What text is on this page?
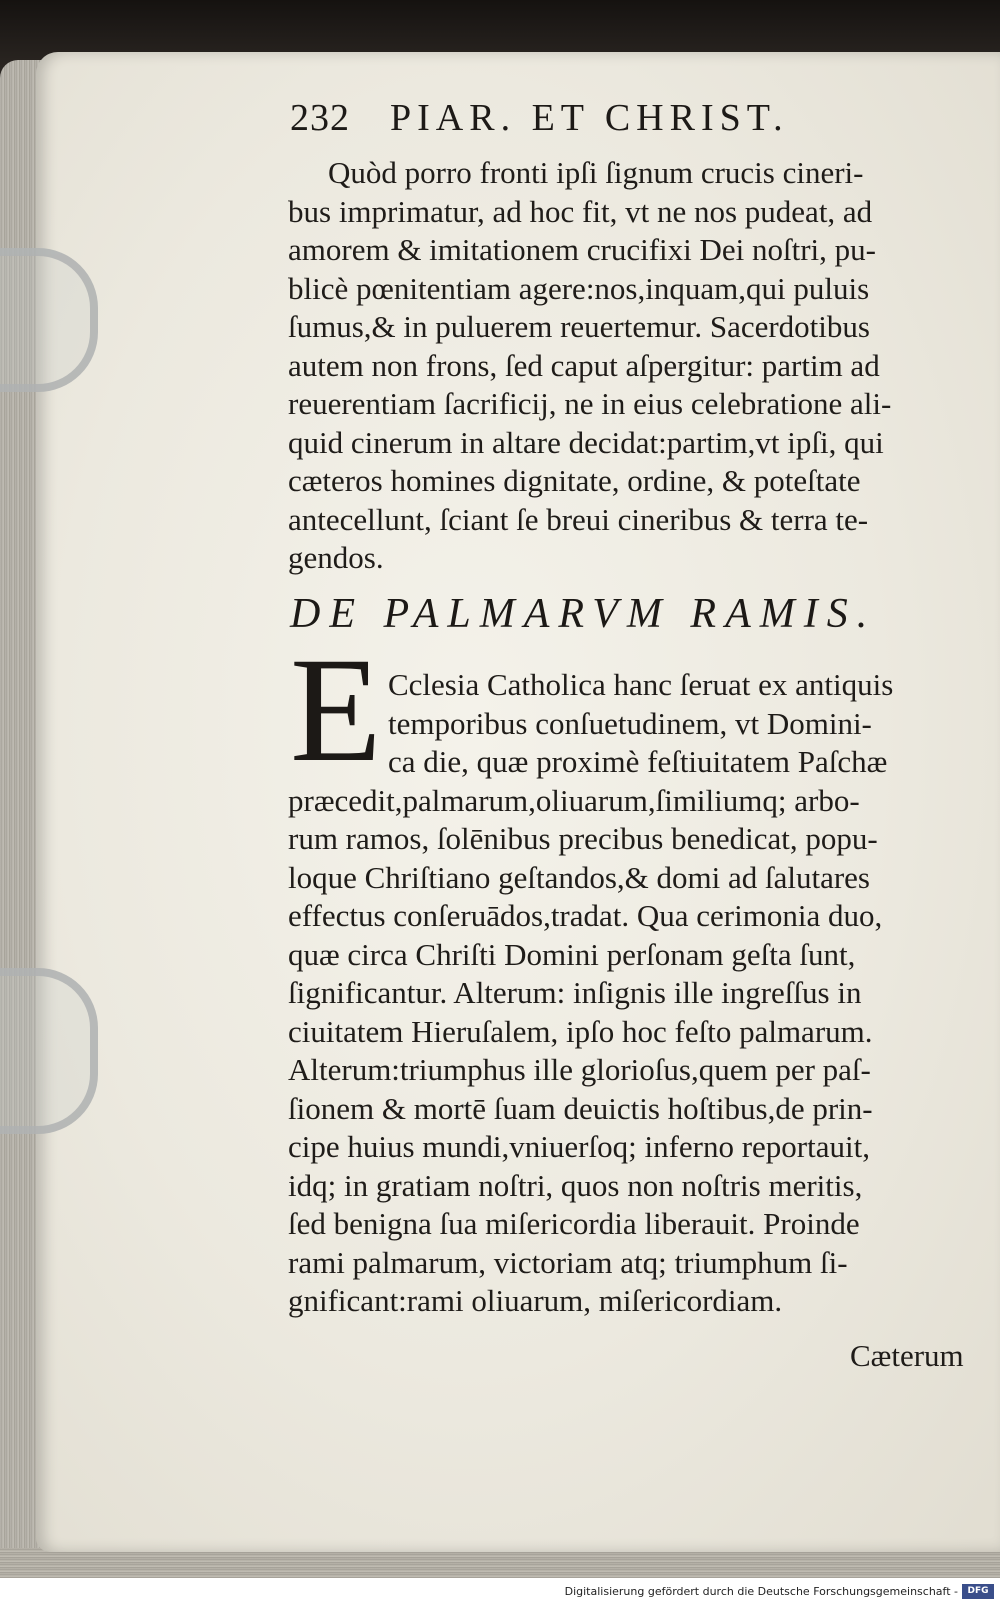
232 PIAR. ET CHRIST.
Quòd porro fronti ipſi ſignum crucis cineri-
bus imprimatur, ad hoc fit, vt ne nos pudeat, ad
amorem & imitationem crucifixi Dei noſtri, pu-
blicè pœnitentiam agere:nos,inquam,qui puluis
ſumus,& in puluerem reuertemur. Sacerdotibus
autem non frons, ſed caput aſpergitur: partim ad
reuerentiam ſacrificij, ne in eius celebratione ali-
quid cinerum in altare decidat:partim,vt ipſi, qui
cæteros homines dignitate, ordine, & poteſtate
antecellunt, ſciant ſe breui cineribus & terra te-
gendos.
DE PALMARVM RAMIS.
E Cclesia Catholica hanc ſeruat ex antiquis
temporibus conſuetudinem, vt Domini-
ca die, quæ proximè feſtiuitatem Paſchæ
præcedit,palmarum,oliuarum,ſimiliumq; arbo-
rum ramos, ſolēnibus precibus benedicat, popu-
loque Chriſtiano geſtandos,& domi ad ſalutares
effectus conſeruādos,tradat. Qua cerimonia duo,
quæ circa Chriſti Domini perſonam geſta ſunt,
ſignificantur. Alterum: inſignis ille ingreſſus in
ciuitatem Hieruſalem, ipſo hoc feſto palmarum.
Alterum:triumphus ille glorioſus,quem per paſ-
ſionem & mortē ſuam deuictis hoſtibus,de prin-
cipe huius mundi,vniuerſoq; inferno reportauit,
idq; in gratiam noſtri, quos non noſtris meritis,
ſed benigna ſua miſericordia liberauit. Proinde
rami palmarum, victoriam atq; triumphum ſi-
gnificant:rami oliuarum, miſericordiam.
Cæterum
Digitalisierung gefördert durch die Deutsche Forschungsgemeinschaft -	DFG
